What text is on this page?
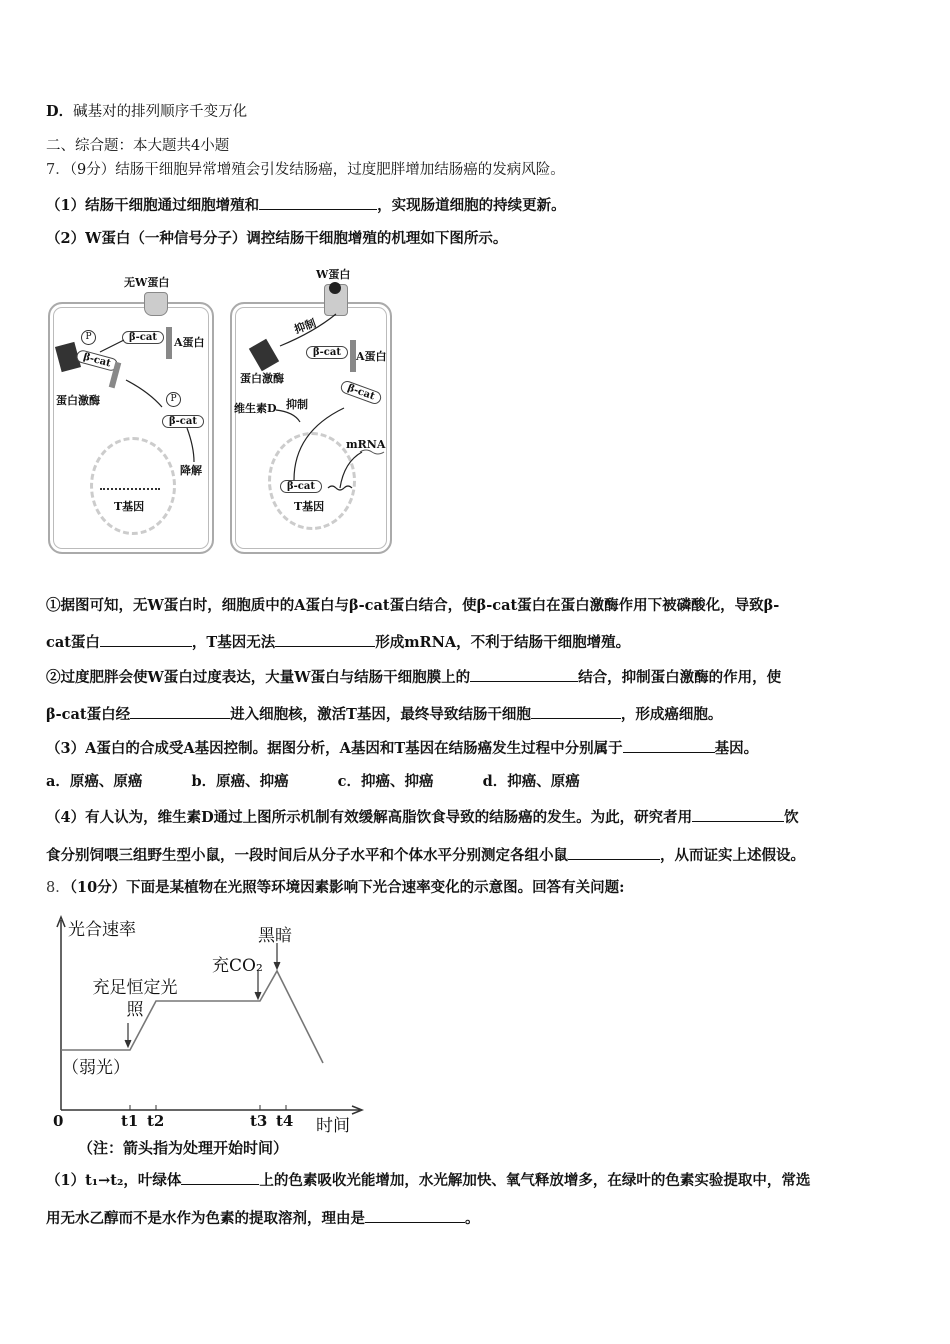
D．碱基对的排列顺序千变万化
二、综合题：本大题共4小题
7．（9分）结肠干细胞异常增殖会引发结肠癌，过度肥胖增加结肠癌的发病风险。
（1）结肠干细胞通过细胞增殖和	，实现肠道细胞的持续更新。
（2）W蛋白（一种信号分子）调控结肠干细胞增殖的机理如下图所示。
无W蛋白
β-cat	A蛋白
P
β-cat
蛋白激酶	P
β-cat
降解
T基因
W蛋白
抑制
蛋白激酶
β-cat	A蛋白
维生素D 抑制
β-cat
mRNA
β-cat
T基因
①据图可知，无W蛋白时，细胞质中的A蛋白与β-cat蛋白结合，使β-cat蛋白在蛋白激酶作用下被磷酸化，导致β-
cat蛋白	，T基因无法	形成mRNA，不利于结肠干细胞增殖。
②过度肥胖会使W蛋白过度表达，大量W蛋白与结肠干细胞膜上的	结合，抑制蛋白激酶的作用，使
β-cat蛋白经	进入细胞核，激活T基因，最终导致结肠干细胞	，形成癌细胞。
（3）A蛋白的合成受A基因控制。据图分析，A基因和T基因在结肠癌发生过程中分别属于	基因。
a．原癌、原癌	b．原癌、抑癌	c．抑癌、抑癌	d．抑癌、原癌
（4）有人认为，维生素D通过上图所示机制有效缓解高脂饮食导致的结肠癌的发生。为此，研究者用	饮
食分别饲喂三组野生型小鼠，一段时间后从分子水平和个体水平分别测定各组小鼠	，从而证实上述假设。
8．（10分）下面是某植物在光照等环境因素影响下光合速率变化的示意图。回答有关问题:
光合速率	黑暗
充CO₂
充足恒定光照
（弱光）
0	t1 t2	t3 t4 时间
（注：箭头指为处理开始时间）
（1）t₁→t₂，叶绿体	上的色素吸收光能增加，水光解加快、氧气释放增多，在绿叶的色素实验提取中，常选
用无水乙醇而不是水作为色素的提取溶剂，理由是	。
